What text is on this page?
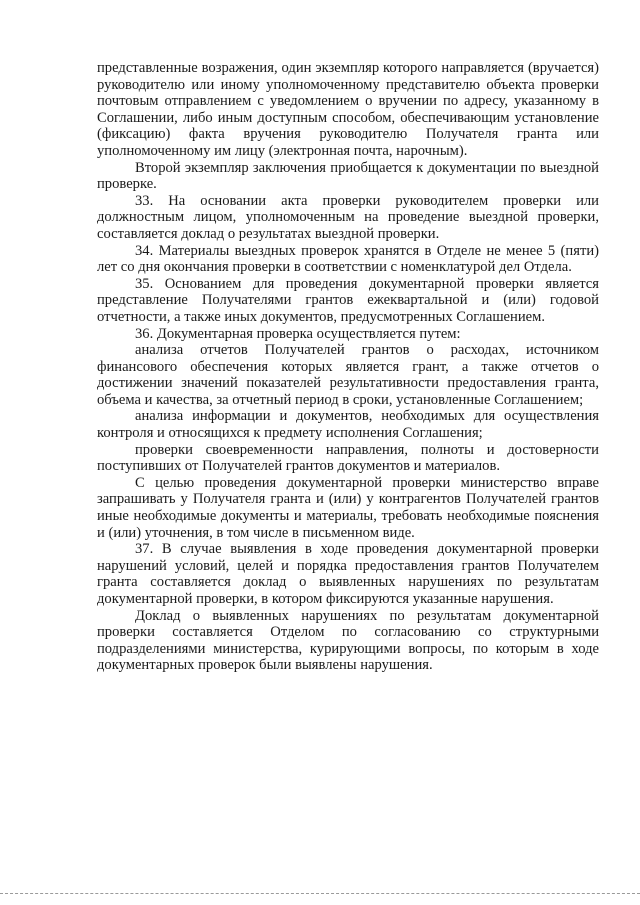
представленные возражения, один экземпляр которого направляется (вручается) руководителю или иному уполномоченному представителю объекта проверки почтовым отправлением с уведомлением о вручении по адресу, указанному в Соглашении, либо иным доступным способом, обеспечивающим установление (фиксацию) факта вручения руководителю Получателя гранта или уполномоченному им лицу (электронная почта, нарочным).

Второй экземпляр заключения приобщается к документации по выездной проверке.

33. На основании акта проверки руководителем проверки или должностным лицом, уполномоченным на проведение выездной проверки, составляется доклад о результатах выездной проверки.

34. Материалы выездных проверок хранятся в Отделе не менее 5 (пяти) лет со дня окончания проверки в соответствии с номенклатурой дел Отдела.

35. Основанием для проведения документарной проверки является представление Получателями грантов ежеквартальной и (или) годовой отчетности, а также иных документов, предусмотренных Соглашением.

36. Документарная проверка осуществляется путем:

анализа отчетов Получателей грантов о расходах, источником финансового обеспечения которых является грант, а также отчетов о достижении значений показателей результативности предоставления гранта, объема и качества, за отчетный период в сроки, установленные Соглашением;

анализа информации и документов, необходимых для осуществления контроля и относящихся к предмету исполнения Соглашения;

проверки своевременности направления, полноты и достоверности поступивших от Получателей грантов документов и материалов.

С целью проведения документарной проверки министерство вправе запрашивать у Получателя гранта и (или) у контрагентов Получателей грантов иные необходимые документы и материалы, требовать необходимые пояснения и (или) уточнения, в том числе в письменном виде.

37. В случае выявления в ходе проведения документарной проверки нарушений условий, целей и порядка предоставления грантов Получателем гранта составляется доклад о выявленных нарушениях по результатам документарной проверки, в котором фиксируются указанные нарушения.

Доклад о выявленных нарушениях по результатам документарной проверки составляется Отделом по согласованию со структурными подразделениями министерства, курирующими вопросы, по которым в ходе документарных проверок были выявлены нарушения.
